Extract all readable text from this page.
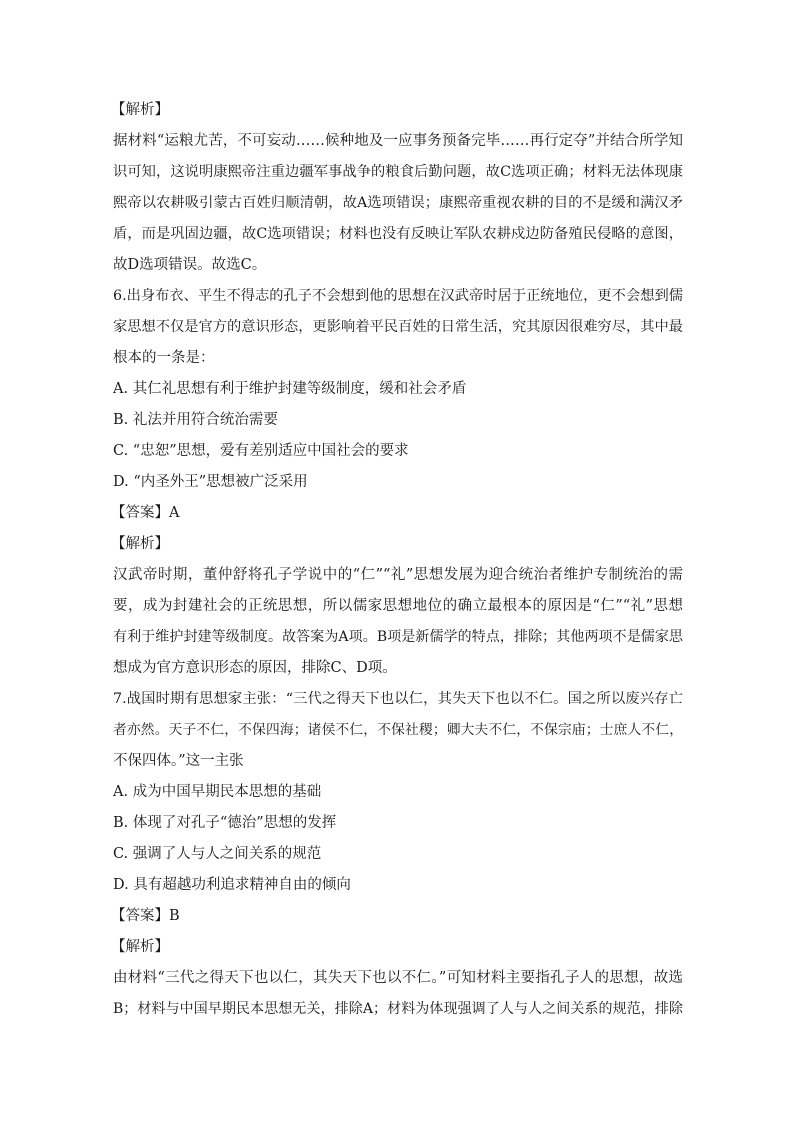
【解析】
据材料“运粮尤苦，不可妄动……候种地及一应事务预备完毕……再行定夺”并结合所学知
识可知，这说明康熙帝注重边疆军事战争的粮食后勤问题，故C选项正确；材料无法体现康
熙帝以农耕吸引蒙古百姓归顺清朝，故A选项错误；康熙帝重视农耕的目的不是缓和满汉矛
盾，而是巩固边疆，故C选项错误；材料也没有反映让军队农耕戍边防备殖民侵略的意图，
故D选项错误。故选C。
6.出身布衣、平生不得志的孔子不会想到他的思想在汉武帝时居于正统地位，更不会想到儒
家思想不仅是官方的意识形态，更影响着平民百姓的日常生活，究其原因很难穷尽，其中最
根本的一条是：
A. 其仁礼思想有利于维护封建等级制度，缓和社会矛盾
B. 礼法并用符合统治需要
C. “忠恕”思想，爱有差别适应中国社会的要求
D. “内圣外王”思想被广泛采用
【答案】A
【解析】
汉武帝时期，董仲舒将孔子学说中的“仁”“礼”思想发展为迎合统治者维护专制统治的需
要，成为封建社会的正统思想，所以儒家思想地位的确立最根本的原因是“仁”“礼”思想
有利于维护封建等级制度。故答案为A项。B项是新儒学的特点，排除；其他两项不是儒家思
想成为官方意识形态的原因，排除C、D项。
7.战国时期有思想家主张：“三代之得天下也以仁，其失天下也以不仁。国之所以废兴存亡
者亦然。天子不仁，不保四海；诸侯不仁，不保社稷；卿大夫不仁，不保宗庙；士庶人不仁，
不保四体。”这一主张
A. 成为中国早期民本思想的基础
B. 体现了对孔子“德治”思想的发挥
C. 强调了人与人之间关系的规范
D. 具有超越功利追求精神自由的倾向
【答案】B
【解析】
由材料“三代之得天下也以仁，其失天下也以不仁。”可知材料主要指孔子人的思想，故选
B；材料与中国早期民本思想无关，排除A；材料为体现强调了人与人之间关系的规范，排除
